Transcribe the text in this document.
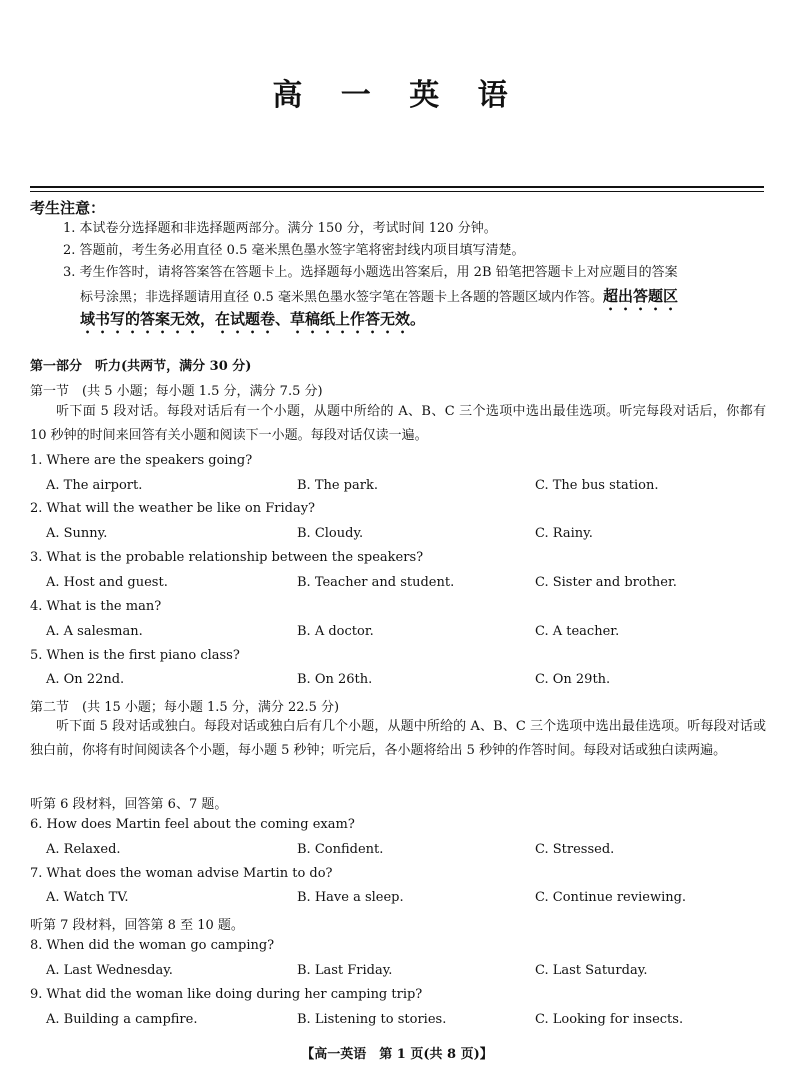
高 一 英 语
考生注意：
1. 本试卷分选择题和非选择题两部分。满分 150 分，考试时间 120 分钟。
2. 答题前，考生务必用直径 0.5 毫米黑色墨水签字笔将密封线内项目填写清楚。
3. 考生作答时，请将答案答在答题卡上。选择题每小题选出答案后，用 2B 铅笔把答题卡上对应题目的答案
标号涂黑；非选择题请用直径 0.5 毫米黑色墨水签字笔在答题卡上各题的答题区域内作答。超出答题区
域书写的答案无效，在试题卷、草稿纸上作答无效。
第一部分　听力(共两节，满分 30 分)
第一节　(共 5 小题；每小题 1.5 分，满分 7.5 分)
听下面 5 段对话。每段对话后有一个小题，从题中所给的 A、B、C 三个选项中选出最佳选项。听完每段对话后，你都有 10 秒钟的时间来回答有关小题和阅读下一小题。每段对话仅读一遍。
1. Where are the speakers going?
A. The airport.	B. The park.	C. The bus station.
2. What will the weather be like on Friday?
A. Sunny.	B. Cloudy.	C. Rainy.
3. What is the probable relationship between the speakers?
A. Host and guest.	B. Teacher and student.	C. Sister and brother.
4. What is the man?
A. A salesman.	B. A doctor.	C. A teacher.
5. When is the first piano class?
A. On 22nd.	B. On 26th.	C. On 29th.
第二节　(共 15 小题；每小题 1.5 分，满分 22.5 分)
听下面 5 段对话或独白。每段对话或独白后有几个小题，从题中所给的 A、B、C 三个选项中选出最佳选项。听每段对话或独白前，你将有时间阅读各个小题，每小题 5 秒钟；听完后，各小题将给出 5 秒钟的作答时间。每段对话或独白读两遍。
听第 6 段材料，回答第 6、7 题。
6. How does Martin feel about the coming exam?
A. Relaxed.	B. Confident.	C. Stressed.
7. What does the woman advise Martin to do?
A. Watch TV.	B. Have a sleep.	C. Continue reviewing.
听第 7 段材料，回答第 8 至 10 题。
8. When did the woman go camping?
A. Last Wednesday.	B. Last Friday.	C. Last Saturday.
9. What did the woman like doing during her camping trip?
A. Building a campfire.	B. Listening to stories.	C. Looking for insects.
【高一英语　第 1 页(共 8 页)】
